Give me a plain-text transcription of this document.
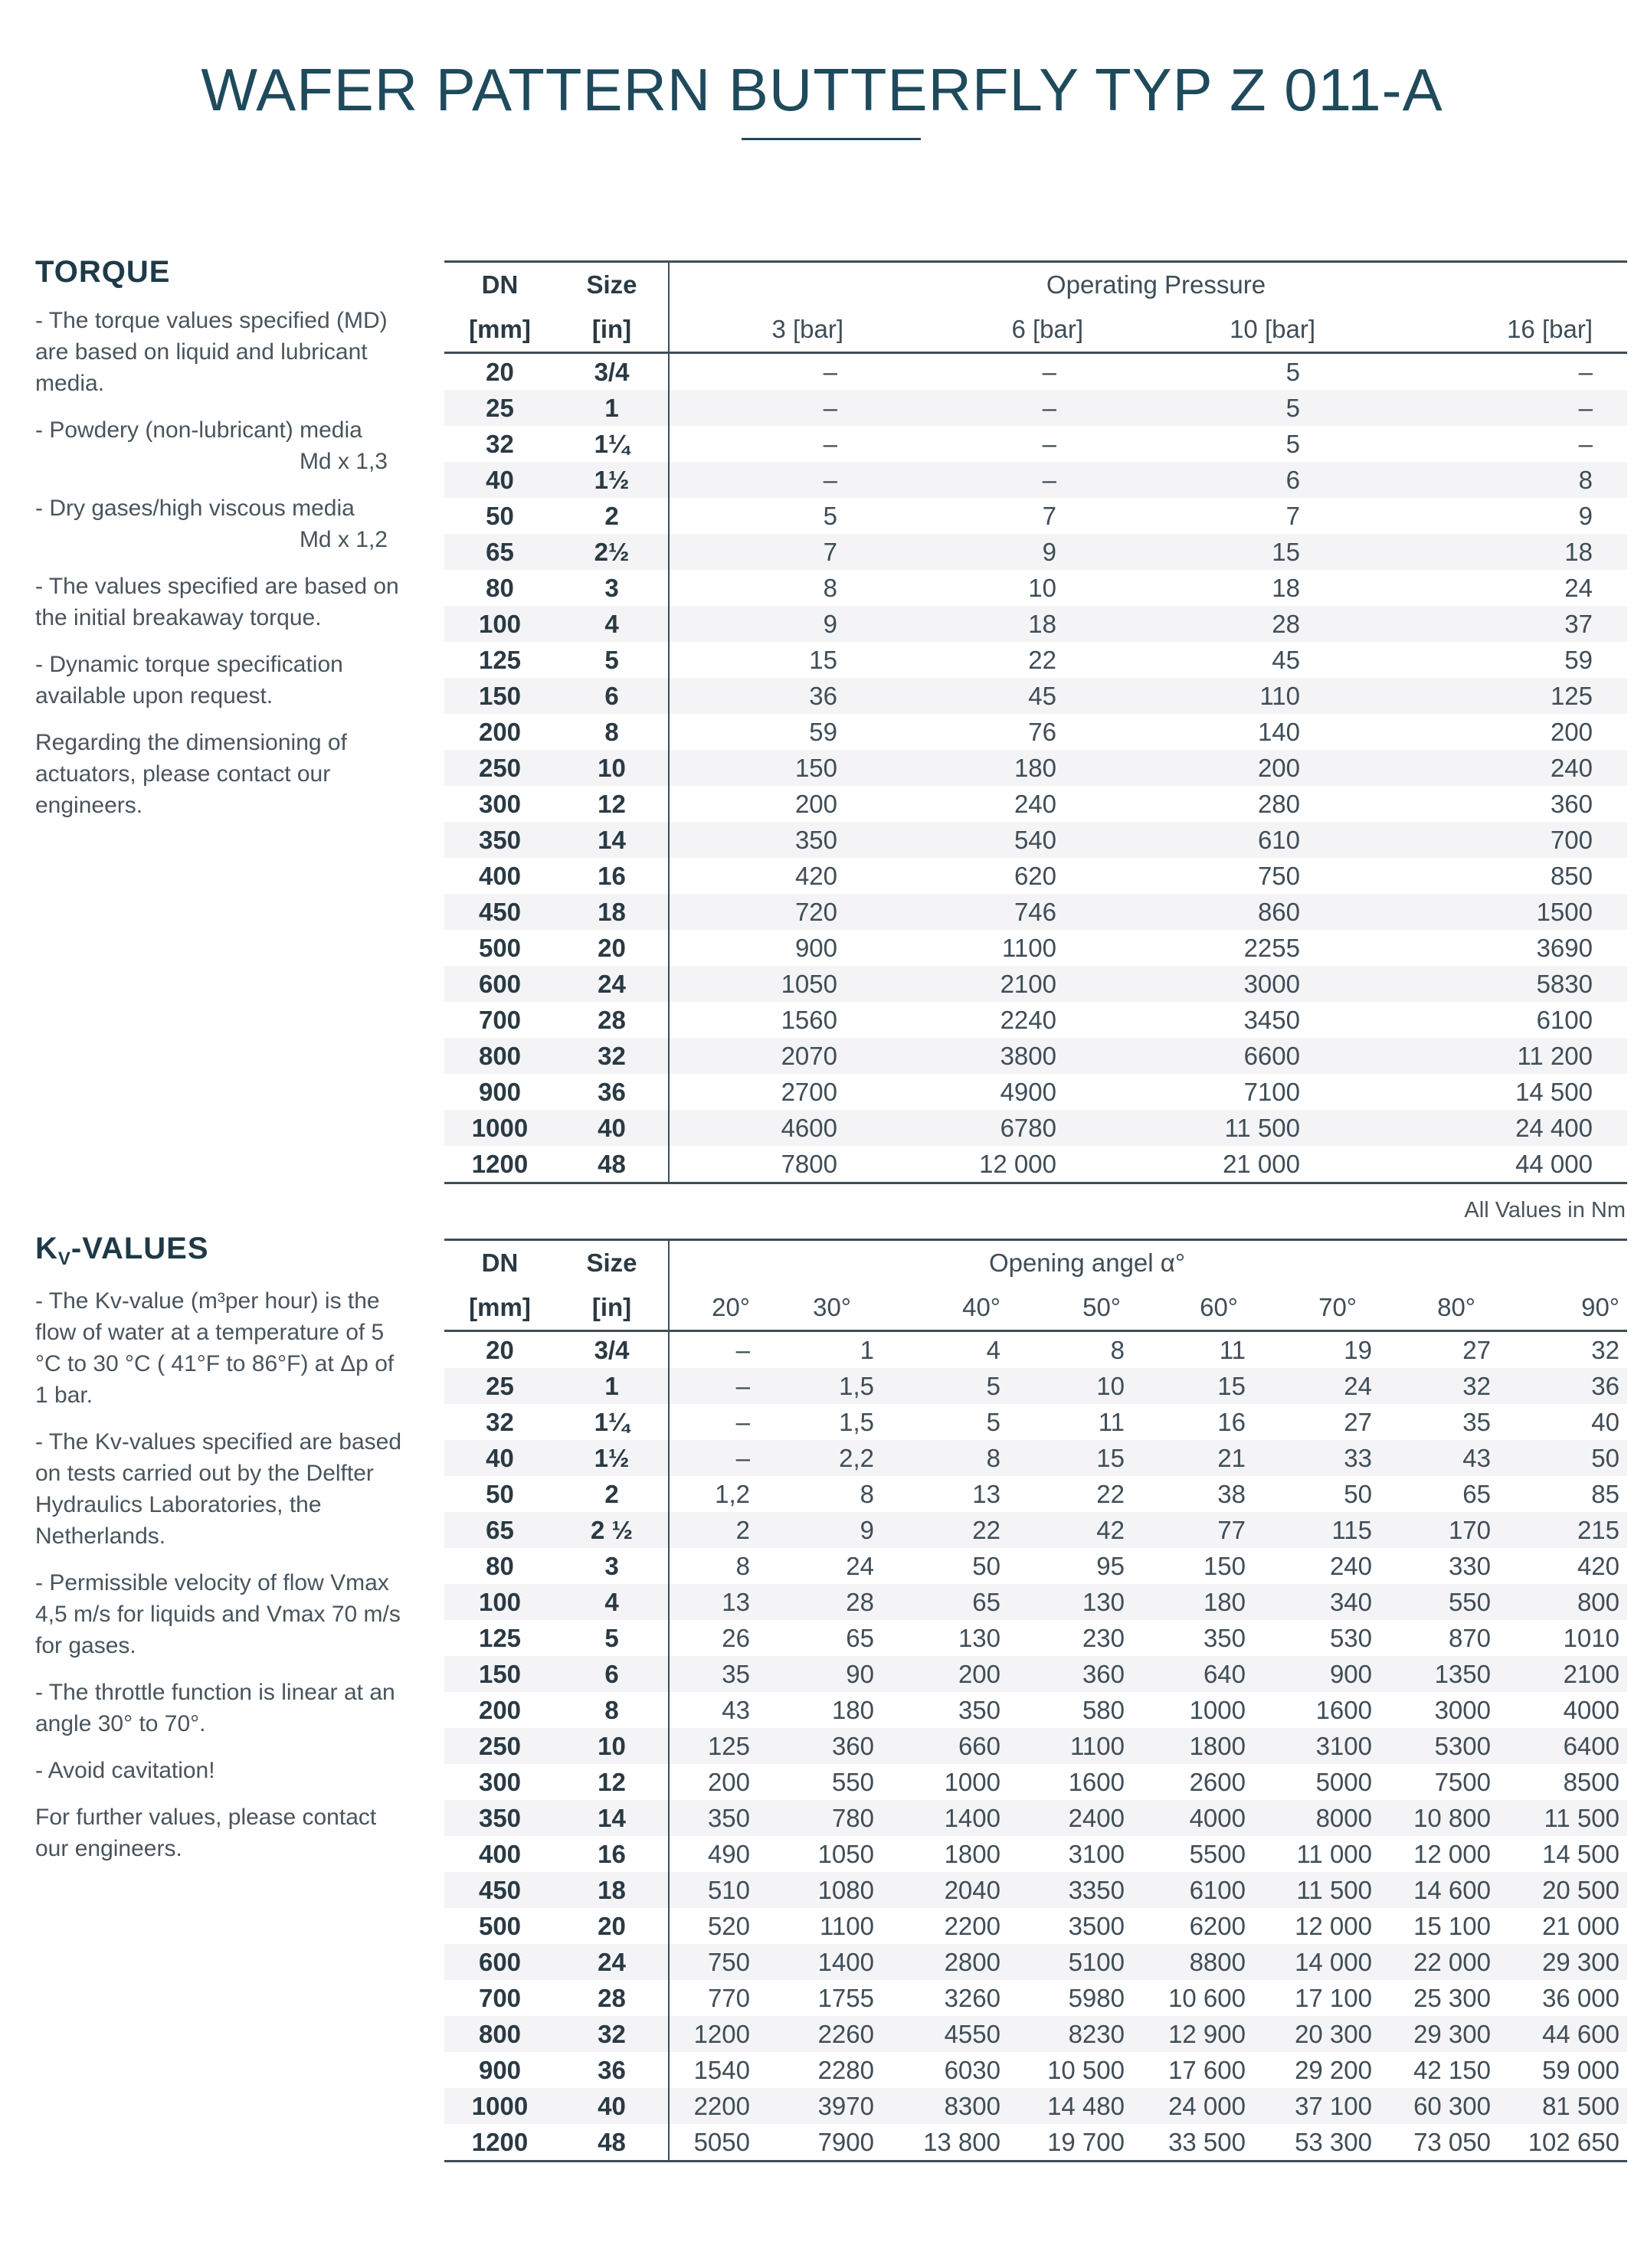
WAFER PATTERN BUTTERFLY TYP Z 011-A
TORQUE

- The torque values specified (MD) are based on liquid and lubricant media.

- Powdery (non-lubricant) media

Md x 1,3

- Dry gases/high viscous media

Md x 1,2

- The values specified are based on the initial breakaway torque.

- Dynamic torque specification available upon request.

Regarding the dimensioning of actuators, please contact our engineers.

DN	Size	Operating Pressure			
[mm]	[in]	3 [bar]	6 [bar]	10 [bar]	16 [bar]
20	3/4	–	–	5	–
25	1	–	–	5	–
32	1¼	–	–	5	–
40	1½	–	–	6	8
50	2	5	7	7	9
65	2½	7	9	15	18
80	3	8	10	18	24
100	4	9	18	28	37
125	5	15	22	45	59
150	6	36	45	110	125
200	8	59	76	140	200
250	10	150	180	200	240
300	12	200	240	280	360
350	14	350	540	610	700
400	16	420	620	750	850
450	18	720	746	860	1500
500	20	900	1100	2255	3690
600	24	1050	2100	3000	5830
700	28	1560	2240	3450	6100
800	32	2070	3800	6600	11 200
900	36	2700	4900	7100	14 500
1000	40	4600	6780	11 500	24 400
1200	48	7800	12 000	21 000	44 000
All Values in Nm
$K_V$-VALUES

- The Kv-value (m³per hour) is the flow of water at a temperature of 5 °C to 30 °C ( 41°F to 86°F) at Δp of 1 bar.

- The Kv-values specified are based on tests carried out by the Delfter Hydraulics Laboratories, the Netherlands.

- Permissible velocity of flow Vmax 4,5 m/s for liquids and Vmax 70 m/s for gases.

- The throttle function is linear at an angle 30° to 70°.

- Avoid cavitation!

For further values, please contact our engineers.

DN	Size	Opening angel α°							
[mm]	[in]	20°	30°	40°	50°	60°	70°	80°	90°
20	3/4	–	1	4	8	11	19	27	32
25	1	–	1,5	5	10	15	24	32	36
32	1¼	–	1,5	5	11	16	27	35	40
40	1½	–	2,2	8	15	21	33	43	50
50	2	1,2	8	13	22	38	50	65	85
65	2 ½	2	9	22	42	77	115	170	215
80	3	8	24	50	95	150	240	330	420
100	4	13	28	65	130	180	340	550	800
125	5	26	65	130	230	350	530	870	1010
150	6	35	90	200	360	640	900	1350	2100
200	8	43	180	350	580	1000	1600	3000	4000
250	10	125	360	660	1100	1800	3100	5300	6400
300	12	200	550	1000	1600	2600	5000	7500	8500
350	14	350	780	1400	2400	4000	8000	10 800	11 500
400	16	490	1050	1800	3100	5500	11 000	12 000	14 500
450	18	510	1080	2040	3350	6100	11 500	14 600	20 500
500	20	520	1100	2200	3500	6200	12 000	15 100	21 000
600	24	750	1400	2800	5100	8800	14 000	22 000	29 300
700	28	770	1755	3260	5980	10 600	17 100	25 300	36 000
800	32	1200	2260	4550	8230	12 900	20 300	29 300	44 600
900	36	1540	2280	6030	10 500	17 600	29 200	42 150	59 000
1000	40	2200	3970	8300	14 480	24 000	37 100	60 300	81 500
1200	48	5050	7900	13 800	19 700	33 500	53 300	73 050	102 650
